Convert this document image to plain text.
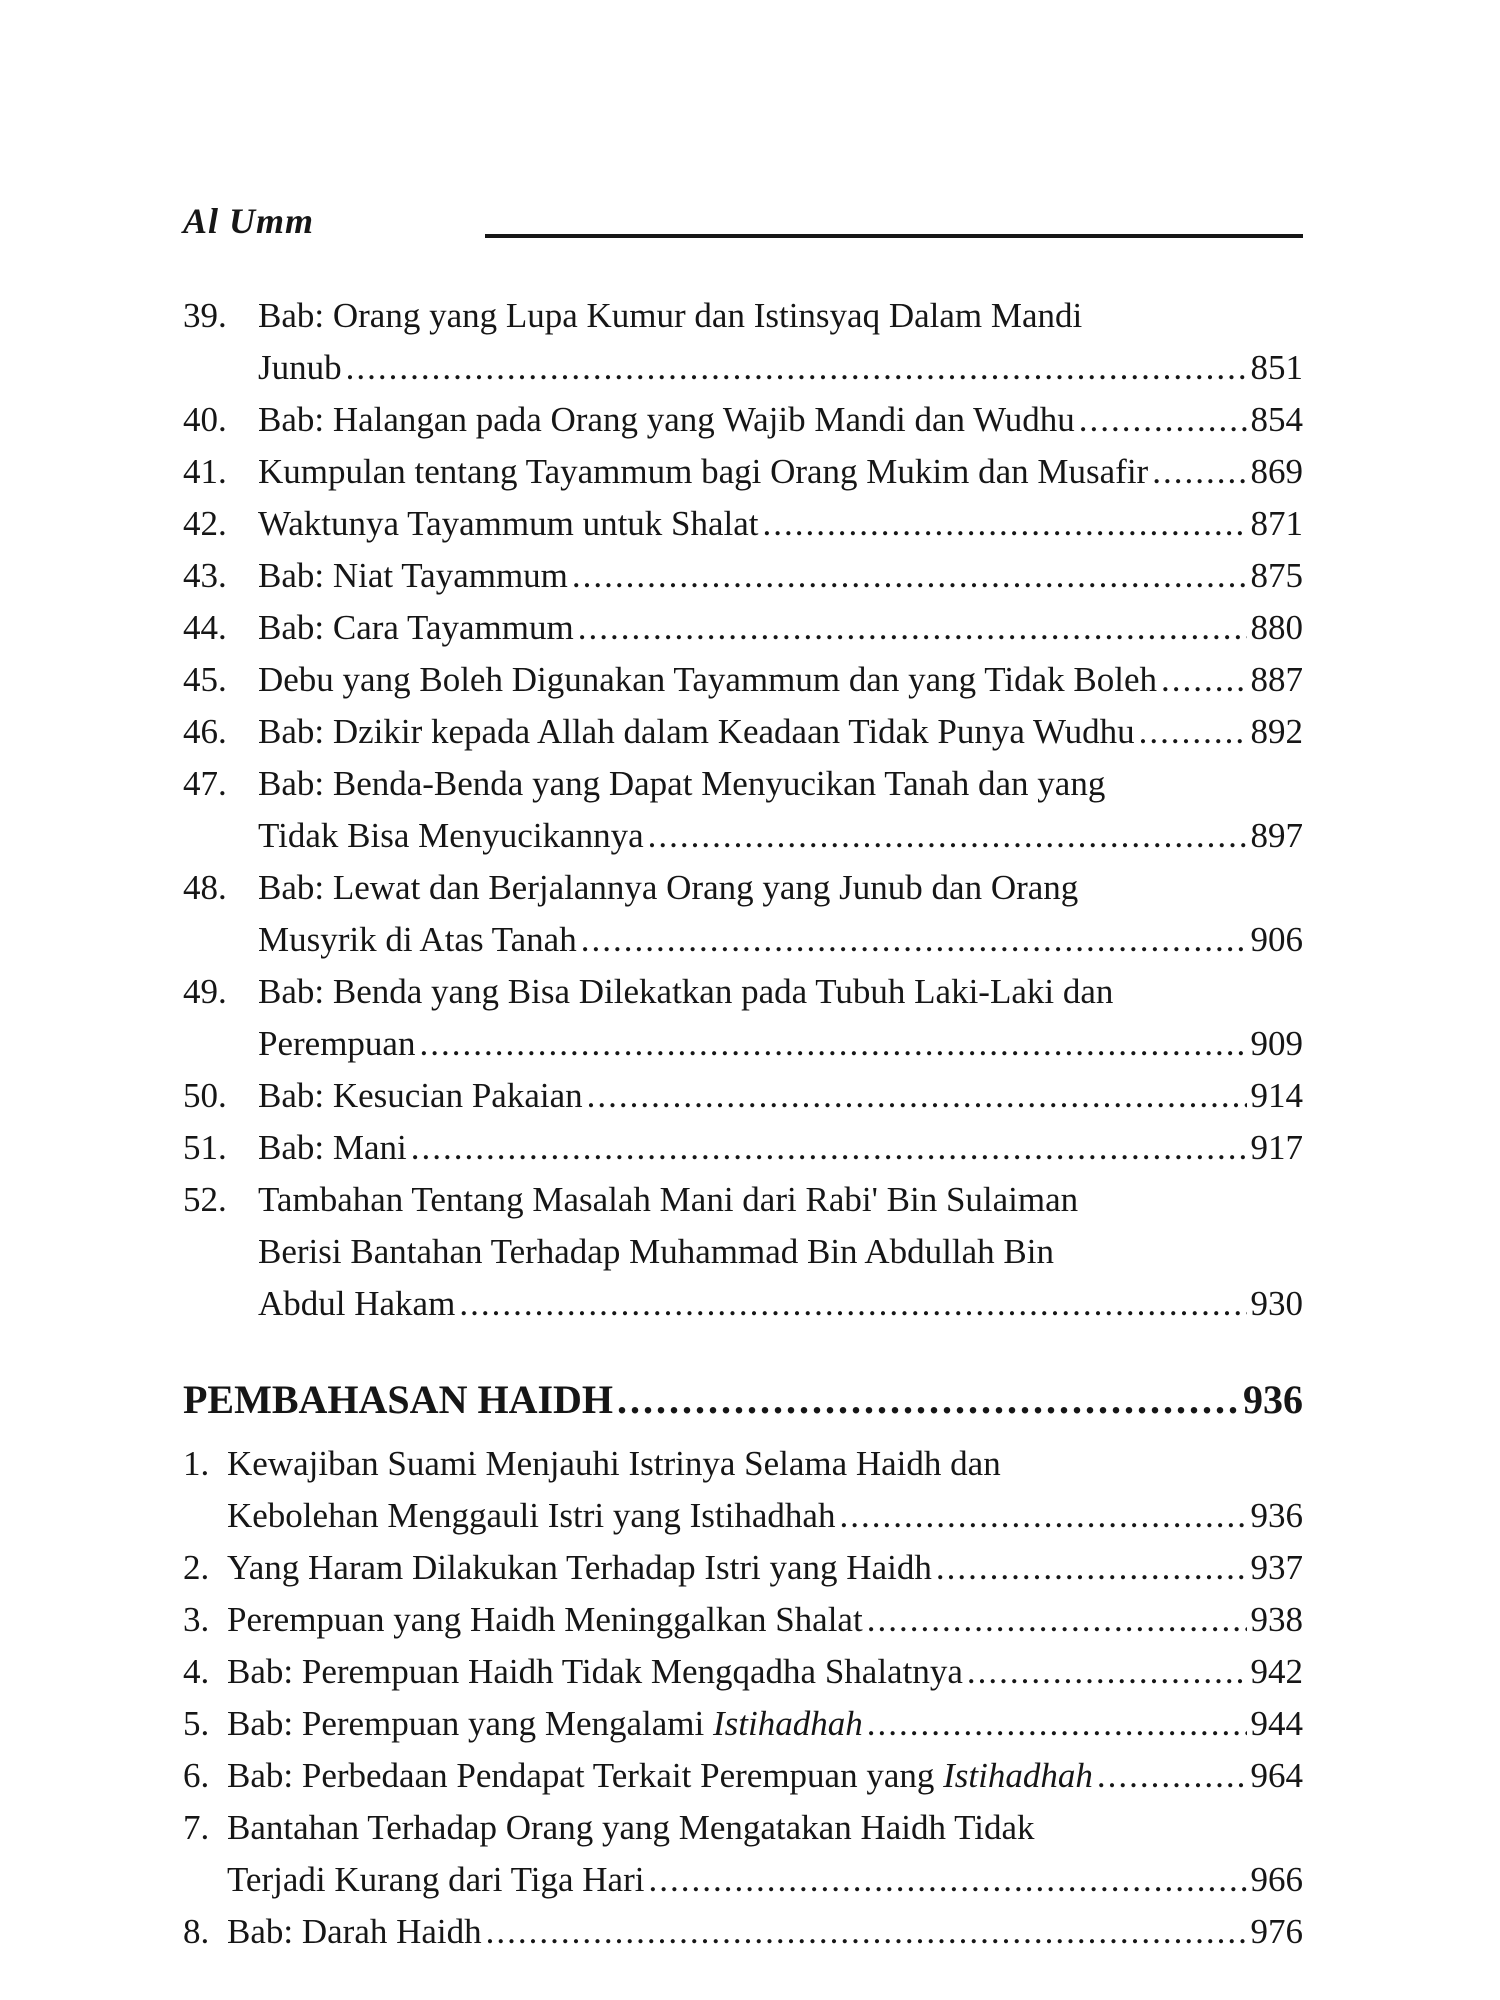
Al Umm
39. Bab: Orang yang Lupa Kumur dan Istinsyaq Dalam Mandi
Junub .....	851
40. Bab: Halangan pada Orang yang Wajib Mandi dan Wudhu .....	854
41. Kumpulan tentang Tayammum bagi Orang Mukim dan Musafir .....	869
42. Waktunya Tayammum untuk Shalat .....	871
43. Bab: Niat Tayammum .....	875
44. Bab: Cara Tayammum .....	880
45. Debu yang Boleh Digunakan Tayammum dan yang Tidak Boleh .....	887
46. Bab: Dzikir kepada Allah dalam Keadaan Tidak Punya Wudhu .....	892
47. Bab: Benda-Benda yang Dapat Menyucikan Tanah dan yang
Tidak Bisa Menyucikannya .....	897
48. Bab: Lewat dan Berjalannya Orang yang Junub dan Orang
Musyrik di Atas Tanah .....	906
49. Bab: Benda yang Bisa Dilekatkan pada Tubuh Laki-Laki dan
Perempuan .....	909
50. Bab: Kesucian Pakaian .....	914
51. Bab: Mani .....	917
52. Tambahan Tentang Masalah Mani dari Rabi' Bin Sulaiman
Berisi Bantahan Terhadap Muhammad Bin Abdullah Bin
Abdul Hakam .....	930
PEMBAHASAN HAIDH .....	936
1. Kewajiban Suami Menjauhi Istrinya Selama Haidh dan
Kebolehan Menggauli Istri yang Istihadhah .....	936
2. Yang Haram Dilakukan Terhadap Istri yang Haidh .....	937
3. Perempuan yang Haidh Meninggalkan Shalat .....	938
4. Bab: Perempuan Haidh Tidak Mengqadha Shalatnya .....	942
5. Bab: Perempuan yang Mengalami Istihadhah .....	944
6. Bab: Perbedaan Pendapat Terkait Perempuan yang Istihadhah .....	964
7. Bantahan Terhadap Orang yang Mengatakan Haidh Tidak
Terjadi Kurang dari Tiga Hari .....	966
8. Bab: Darah Haidh .....	976
